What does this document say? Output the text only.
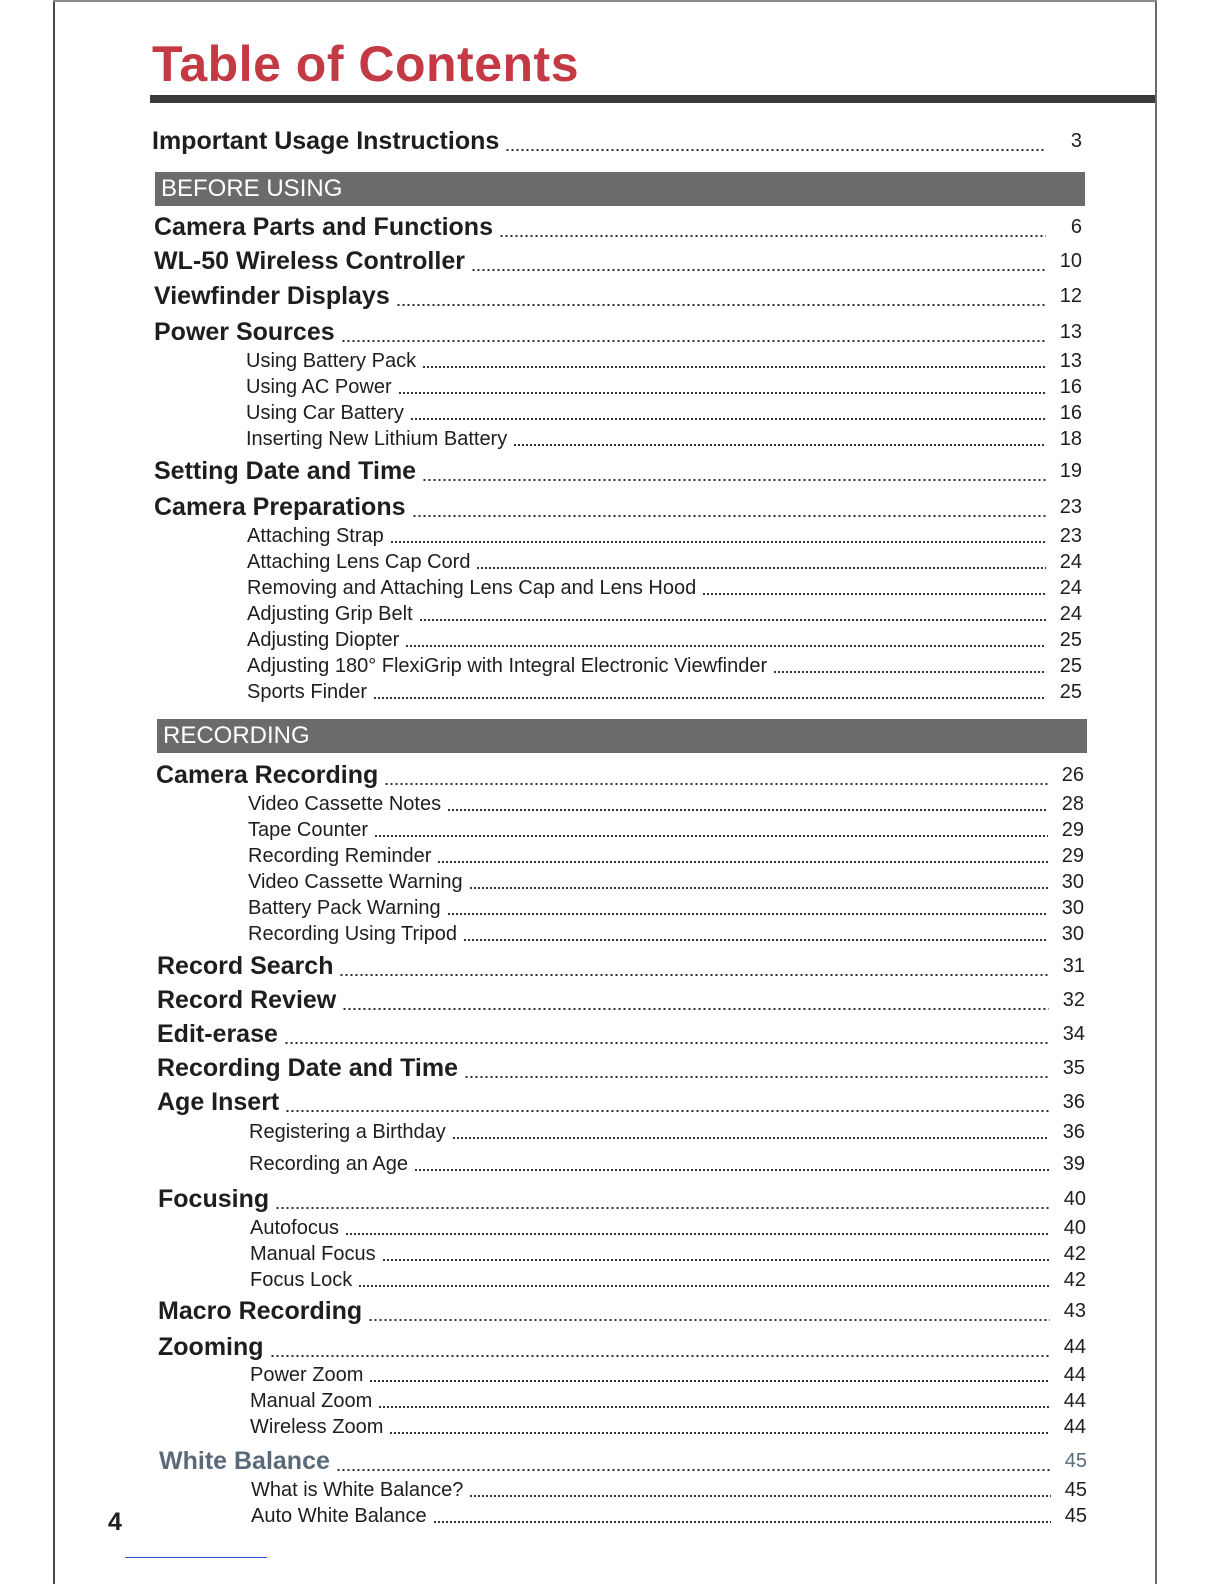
Table of Contents
Important Usage Instructions	3
BEFORE USING
Camera Parts and Functions	6
WL-50 Wireless Controller	10
Viewfinder Displays	12
Power Sources	13
Using Battery Pack	13
Using AC Power	16
Using Car Battery	16
Inserting New Lithium Battery	18
Setting Date and Time	19
Camera Preparations	23
Attaching Strap	23
Attaching Lens Cap Cord	24
Removing and Attaching Lens Cap and Lens Hood	24
Adjusting Grip Belt	24
Adjusting Diopter	25
Adjusting 180° FlexiGrip with Integral Electronic Viewfinder	25
Sports Finder	25
RECORDING
Camera Recording	26
Video Cassette Notes	28
Tape Counter	29
Recording Reminder	29
Video Cassette Warning	30
Battery Pack Warning	30
Recording Using Tripod	30
Record Search	31
Record Review	32
Edit-erase	34
Recording Date and Time	35
Age Insert	36
Registering a Birthday	36
Recording an Age	39
Focusing	40
Autofocus	40
Manual Focus	42
Focus Lock	42
Macro Recording	43
Zooming	44
Power Zoom	44
Manual Zoom	44
Wireless Zoom	44
White Balance	45
What is White Balance?	45
Auto White Balance	45
4
